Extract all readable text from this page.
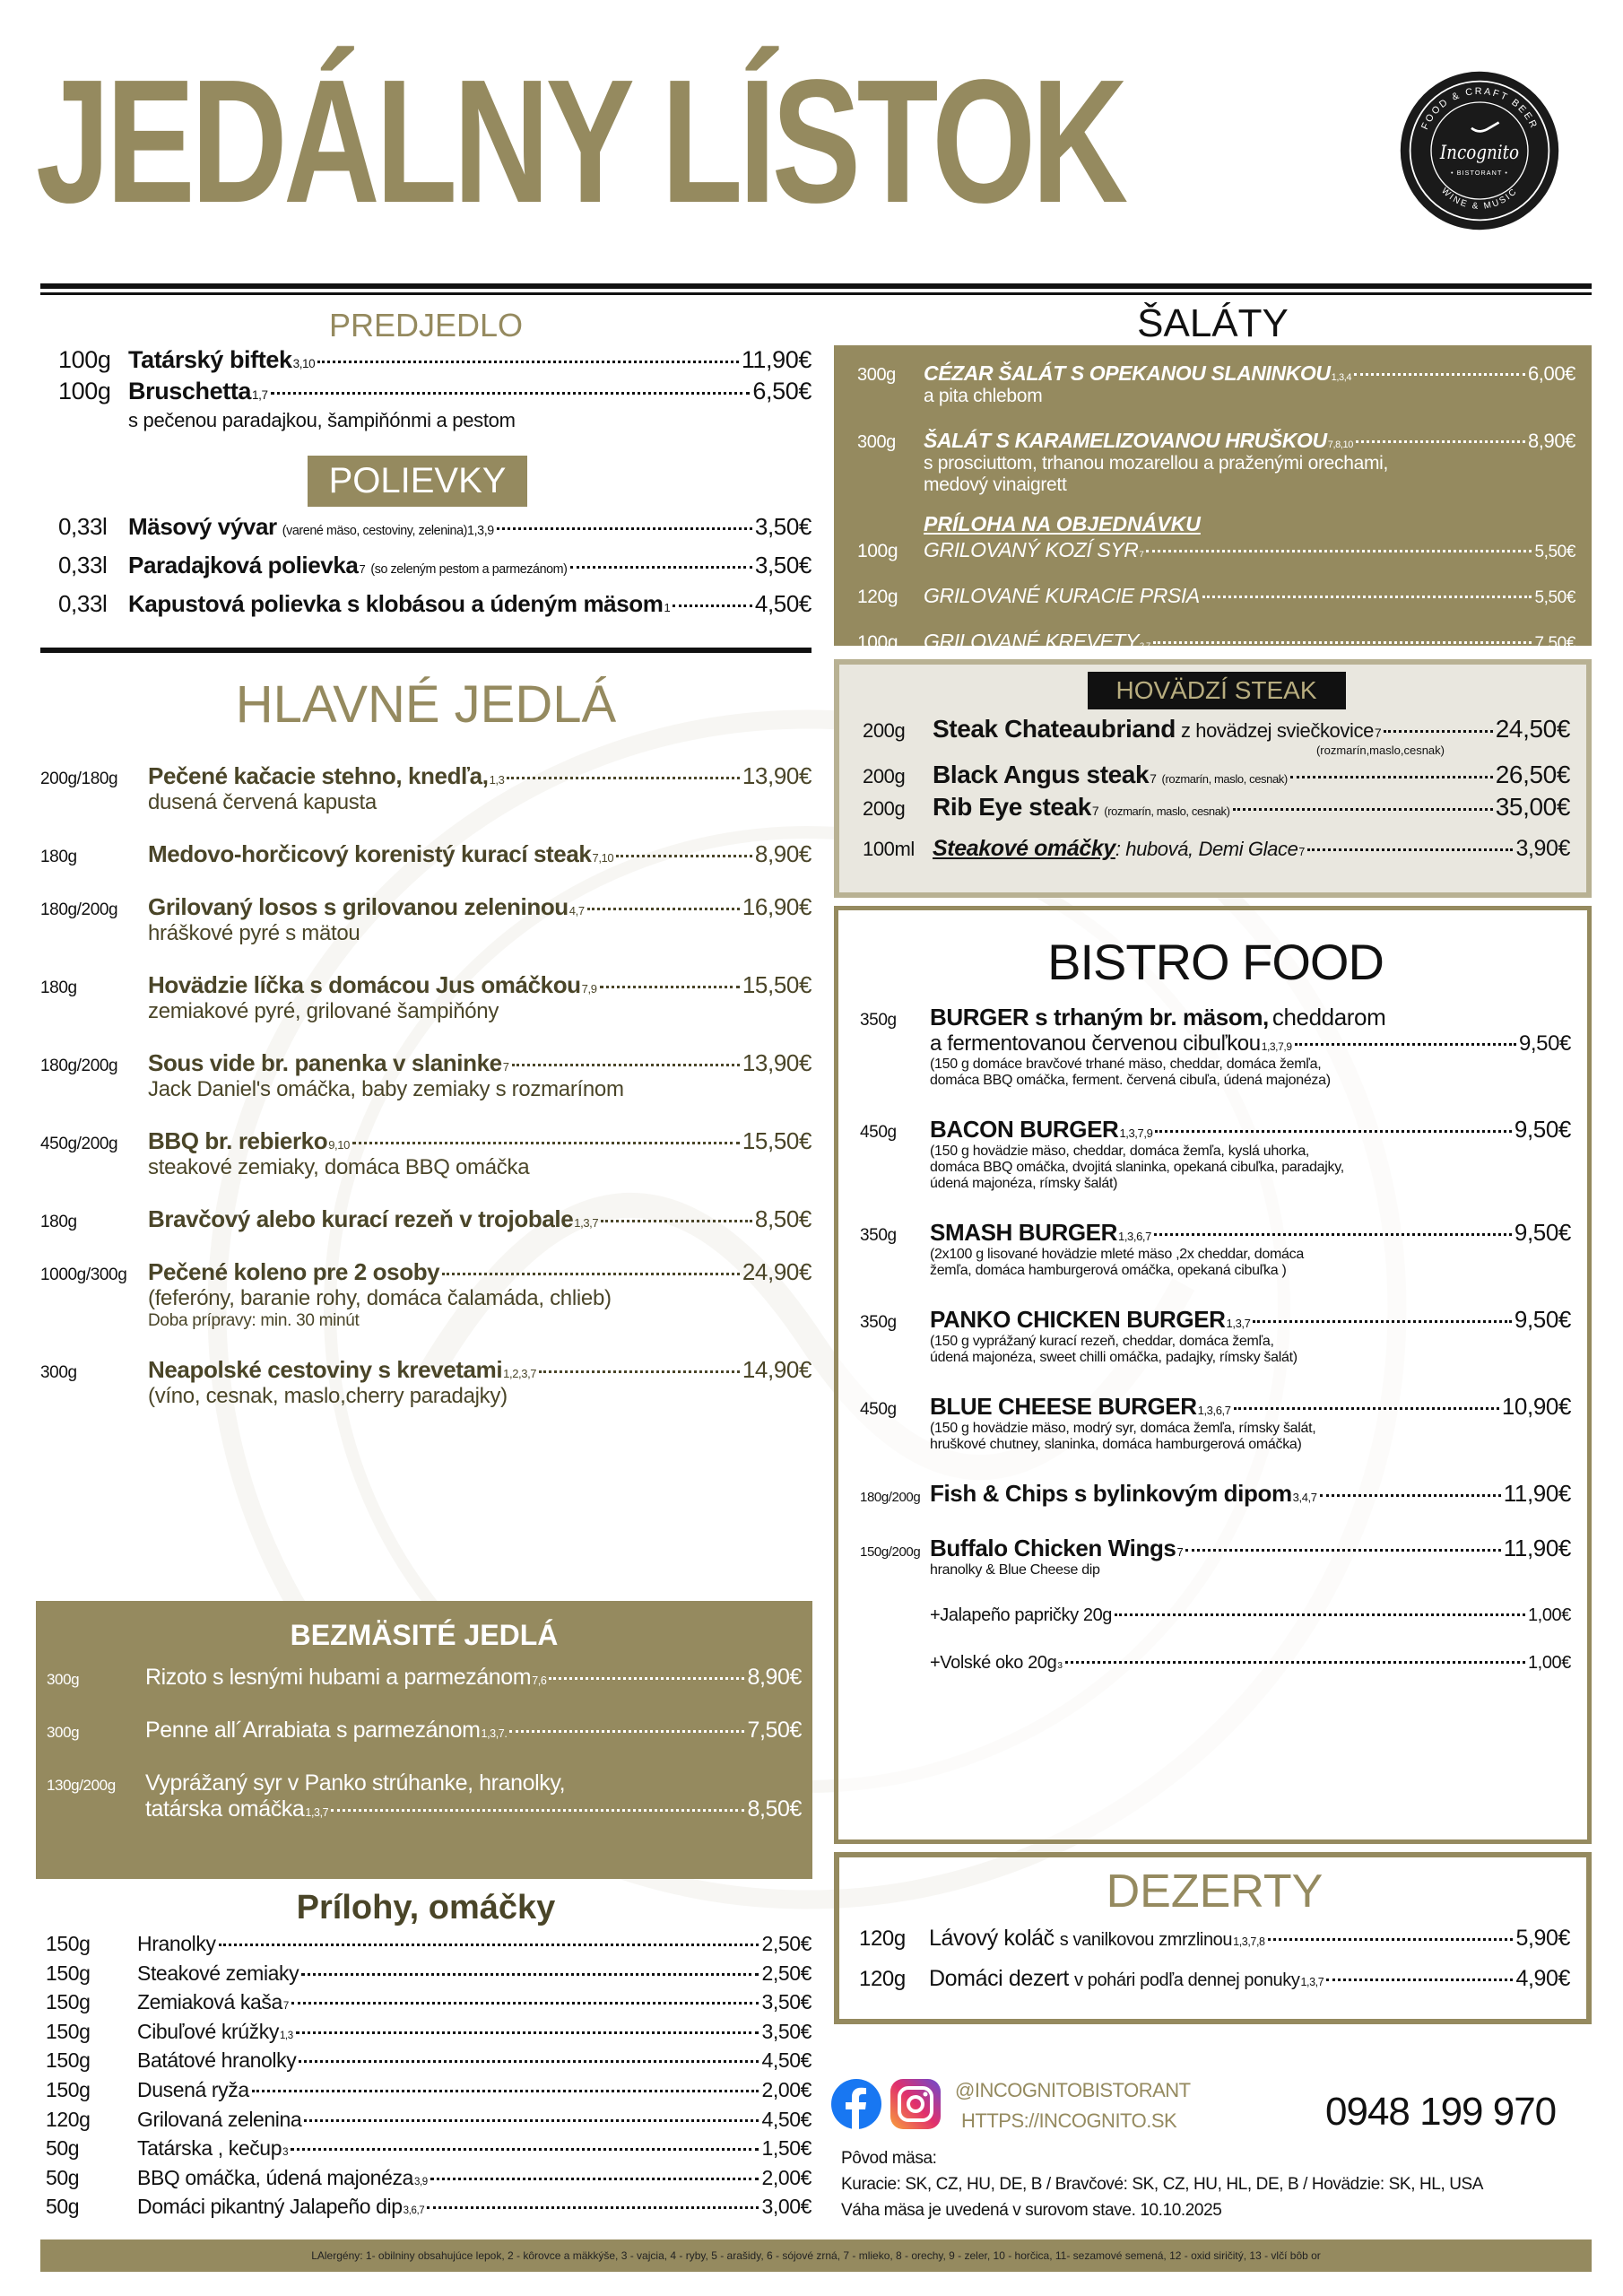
JEDÁLNY LÍSTOK	FOOD & CRAFT BEER
WINE & MUSIC
Incognito
• BISTORANT •
PREDJEDLO
100g Tatárský biftek 3,10	11,90€
100g Bruschetta 1,7	6,50€
s pečenou paradajkou, šampiňónmi a pestom
POLIEVKY
0,33l Mäsový vývar (varené mäso, cestoviny, zelenina)1,3,9	3,50€
0,33l Paradajková polievka 7 (so zeleným pestom a parmezánom)	3,50€
0,33l Kapustová polievka s klobásou a údeným mäsom 1	4,50€
HLAVNÉ JEDLÁ
200g/180g	Pečené kačacie stehno, knedľa, 1,3	13,90€
dusená červená kapusta
180g	Medovo-horčicový korenistý kurací steak 7,10	8,90€
180g/200g	Grilovaný losos s grilovanou zeleninou 4,7	16,90€
hráškové pyré s mätou
180g	Hovädzie líčka s domácou Jus omáčkou 7,9	15,50€
zemiakové pyré, grilované šampiňóny
180g/200g	Sous vide br. panenka v slaninke 7	13,90€
Jack Daniel's omáčka, baby zemiaky s rozmarínom
450g/200g	BBQ br. rebierko 9,10	15,50€
steakové zemiaky, domáca BBQ omáčka
180g	Bravčový alebo kurací rezeň v trojobale 1,3,7	8,50€
1000g/300g Pečené koleno pre 2 osoby	24,90€
(feferóny, baranie rohy, domáca čalamáda, chlieb)
Doba prípravy: min. 30 minút
300g	Neapolské cestoviny s krevetami 1,2,3,7	14,90€
(víno, cesnak, maslo,cherry paradajky)
BEZMÄSITÉ JEDLÁ
300g	Rizoto s lesnými hubami a parmezánom 7,6	8,90€
300g	Penne all´Arrabiata s parmezánom 1,3,7.	7,50€
130g/200g	Vyprážaný syr v Panko strúhanke, hranolky,
tatárska omáčka 1,3,7	8,50€
Prílohy, omáčky
150g	Hranolky	2,50€
150g	Steakové zemiaky	2,50€
150g	Zemiaková kaša 7	3,50€
150g	Cibuľové krúžky 1,3	3,50€
150g	Batátové hranolky	4,50€
150g	Dusená ryža	2,00€
120g	Grilovaná zelenina	4,50€
50g	Tatárska , kečup 3	1,50€
50g	BBQ omáčka, údená majonéza 3,9	2,00€
50g	Domáci pikantný Jalapeño dip 3,6,7	3,00€
ŠALÁTY
300g	CÉZAR ŠALÁT S OPEKANOU $SLANINKOU_{1,3,4}$	6,00€
a pita chlebom
300g	ŠALÁT S KARAMELIZOVANOU $HRUŠKOU_{7,8,10}$	8,90€
s prosciuttom, trhanou mozarellou a praženými orechami,
medový vinaigrett
PRÍLOHA NA OBJEDNÁVKU
100g	GRILOVANÝ KOZÍ $SYR_7$	5,50€
120g	GRILOVANÉ KURACIE PRSIA	5,50€
100g	GRILOVANÉ $KREVETY_{2,7}$	7,50€
HOVÄDZÍ STEAK
200g	Steak Chateaubriand z hovädzej sviečkovice 7	24,50€
(rozmarín,maslo,cesnak)
200g	Black Angus steak 7 (rozmarín, maslo, cesnak)	26,50€
200g	Rib Eye steak 7 (rozmarín, maslo, cesnak)	35,00€
100ml Steakové omáčky : hubová, Demi Glace 7	3,90€
BISTRO FOOD
350g	BURGER s trhaným br. mäsom, cheddarom
a fermentovanou červenou cibuľkou 1,3,7,9	9,50€
(150 g domáce bravčové trhané mäso, cheddar, domáca žemľa,
domáca BBQ omáčka, ferment. červená cibuľa, údená majonéza)
450g	BACON BURGER 1,3,7,9	9,50€
(150 g hovädzie mäso, cheddar, domáca žemľa, kyslá uhorka,
domáca BBQ omáčka, dvojitá slaninka, opekaná cibuľka, paradajky,
údená majonéza, rímsky šalát)
350g	SMASH BURGER 1,3,6,7	9,50€
(2x100 g lisované hovädzie mleté mäso ,2x cheddar, domáca
žemľa, domáca hamburgerová omáčka, opekaná cibuľka )
350g	PANKO CHICKEN BURGER 1,3,7	9,50€
(150 g vyprážaný kurací rezeň, cheddar, domáca žemľa,
údená majonéza, sweet chilli omáčka, padajky, rímsky šalát)
450g	BLUE CHEESE BURGER 1,3,6,7	10,90€
(150 g hovädzie mäso, modrý syr, domáca žemľa, rímsky šalát,
hruškové chutney, slaninka, domáca hamburgerová omáčka)
180g/200g Fish & Chips s bylinkovým dipom 3,4,7	11,90€
150g/200g Buffalo Chicken Wings 7	11,90€
hranolky & Blue Cheese dip
+Jalapeño papričky 20g	1,00€
+Volské oko 20g 3	1,00€
DEZERTY
120g	Lávový koláč s vanilkovou zmrzlinou 1,3,7,8	5,90€
120g	Domáci dezert v pohári podľa dennej ponuky 1,3,7	4,90€
@INCOGNITOBISTORANT
HTTPS://INCOGNITO.SK	0948 199 970
Pôvod mäsa:
Kuracie: SK, CZ, HU, DE, B / Bravčové: SK, CZ, HU, HL, DE, B / Hovädzie: SK, HL, USA
Váha mäsa je uvedená v surovom stave. 10.10.2025
LAlergény: 1- obilniny obsahujúce lepok, 2 - kôrovce a mäkkýše, 3 - vajcia, 4 - ryby, 5 - arašidy, 6 - sójové zrná, 7 - mlieko, 8 - orechy, 9 - zeler, 10 - horčica, 11- sezamové semená, 12 - oxid siričitý, 13 - vlčí bôb or
